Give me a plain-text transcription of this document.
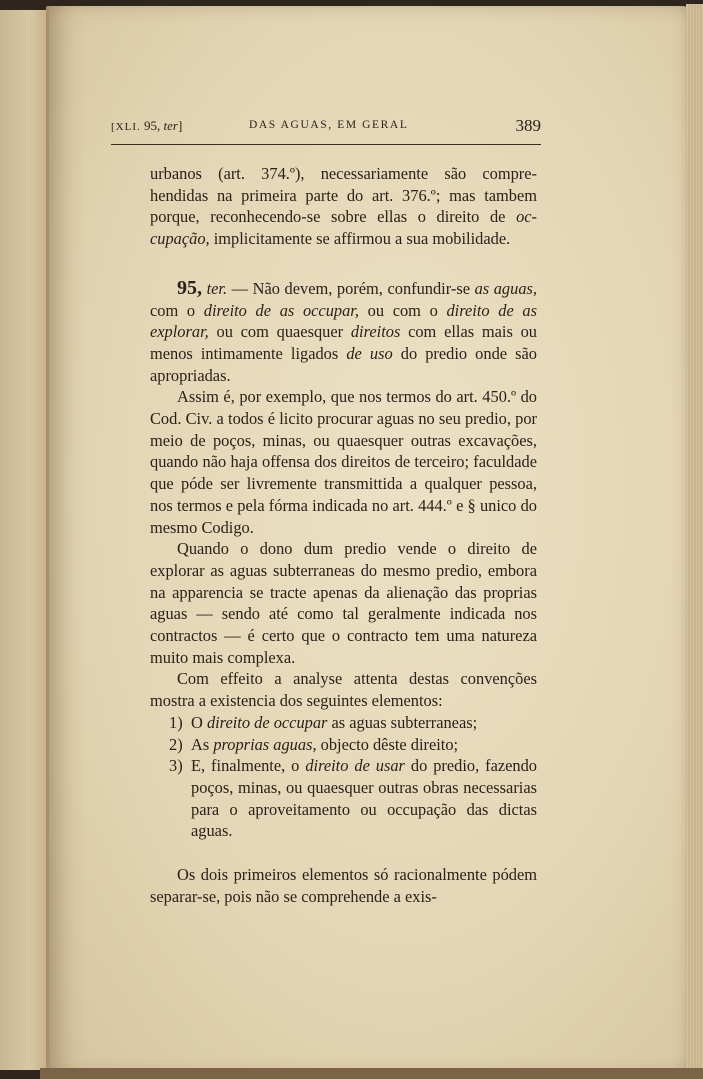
[XLI. 95, ter]	DAS AGUAS, EM GERAL	389

urbanos (art. 374.º), necessariamente são compre- hendidas na primeira parte do art. 376.º; mas tambem porque, reconhecendo-se sobre ellas o direito de oc-cupação, implicitamente se affirmou a sua mobilidade.

95, ter. — Não devem, porém, confundir-se as aguas, com o direito de as occupar, ou com o direito de as explorar, ou com quaesquer direitos com ellas mais ou menos intimamente ligados de uso do predio onde são apropriadas.

Assim é, por exemplo, que nos termos do art. 450.º do Cod. Civ. a todos é licito procurar aguas no seu predio, por meio de poços, minas, ou quaesquer outras excavações, quando não haja offensa dos direitos de terceiro; faculdade que póde ser livremente transmittida a qualquer pessoa, nos termos e pela fórma indicada no art. 444.º e § unico do mesmo Codigo.

Quando o dono dum predio vende o direito de explorar as aguas subterraneas do mesmo predio, embora na apparencia se tracte apenas da alienação das proprias aguas — sendo até como tal geralmente indicada nos contractos — é certo que o contracto tem uma natureza muito mais complexa.

Com effeito a analyse attenta destas convenções mostra a existencia dos seguintes elementos:

1) O direito de occupar as aguas subterraneas;

2) As proprias aguas, objecto dêste direito;

3) E, finalmente, o direito de usar do predio, fazendo poços, minas, ou quaesquer outras obras necessarias para o aproveitamento ou occupação das dictas aguas.

Os dois primeiros elementos só racionalmente pódem separar-se, pois não se comprehende a exis-
